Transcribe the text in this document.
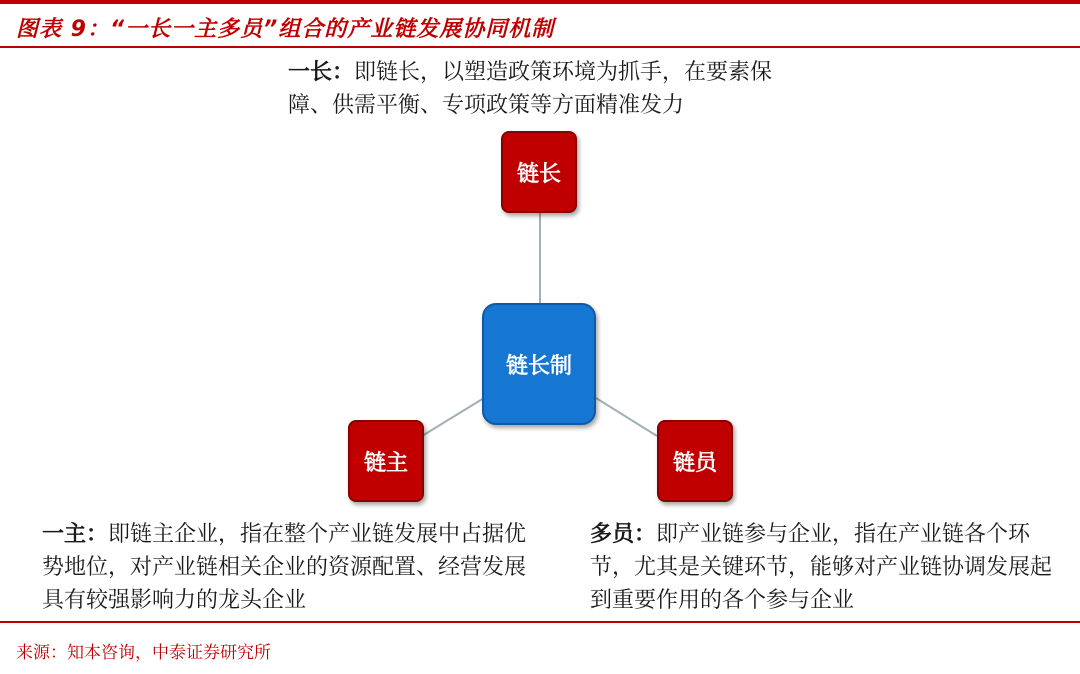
图表 9：“一长一主多员”组合的产业链发展协同机制
一长：即链长，以塑造政策环境为抓手，在要素保障、供需平衡、专项政策等方面精准发力
链长
链长制
链主	链员
一主：即链主企业，指在整个产业链发展中占据优势地位，对产业链相关企业的资源配置、经营发展具有较强影响力的龙头企业
多员：即产业链参与企业，指在产业链各个环节，尤其是关键环节，能够对产业链协调发展起到重要作用的各个参与企业
来源：知本咨询，中泰证券研究所
